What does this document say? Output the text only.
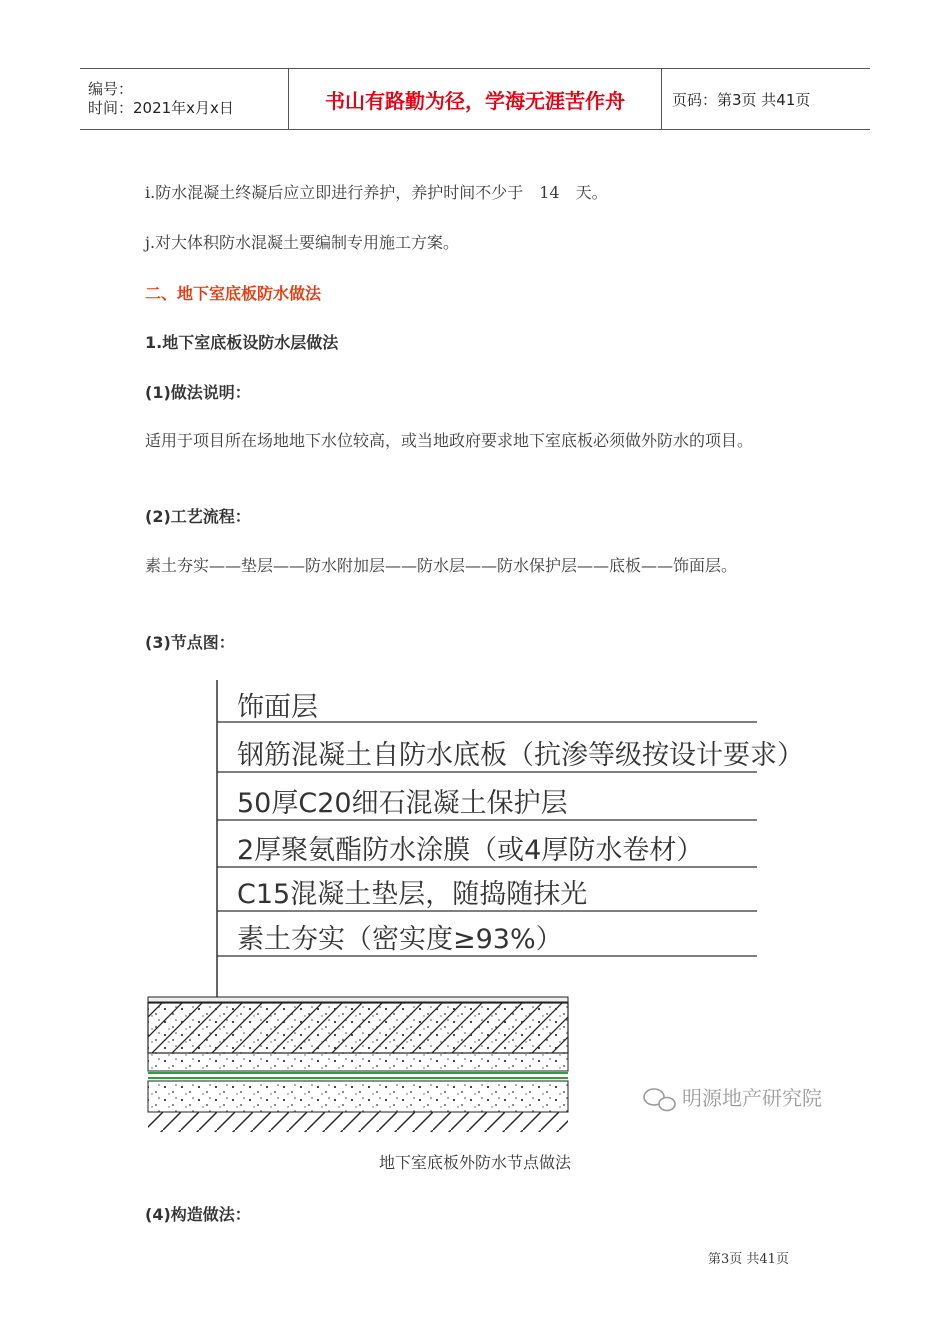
编号：
时间：2021年x月x日	书山有路勤为径，学海无涯苦作舟	页码：第3页 共41页
i.防水混凝土终凝后应立即进行养护，养护时间不少于　14　天。
j.对大体积防水混凝土要编制专用施工方案。
二、地下室底板防水做法
1.地下室底板设防水层做法
(1)做法说明：
适用于项目所在场地地下水位较高，或当地政府要求地下室底板必须做外防水的项目。
(2)工艺流程：
素土夯实——垫层——防水附加层——防水层——防水保护层——底板——饰面层。
(3)节点图：
饰面层
钢筋混凝土自防水底板（抗渗等级按设计要求）
50厚C20细石混凝土保护层
2厚聚氨酯防水涂膜（或4厚防水卷材）
C15混凝土垫层，随捣随抹光
素土夯实（密实度≥93%）
明源地产研究院
地下室底板外防水节点做法
(4)构造做法：
第3页 共41页
